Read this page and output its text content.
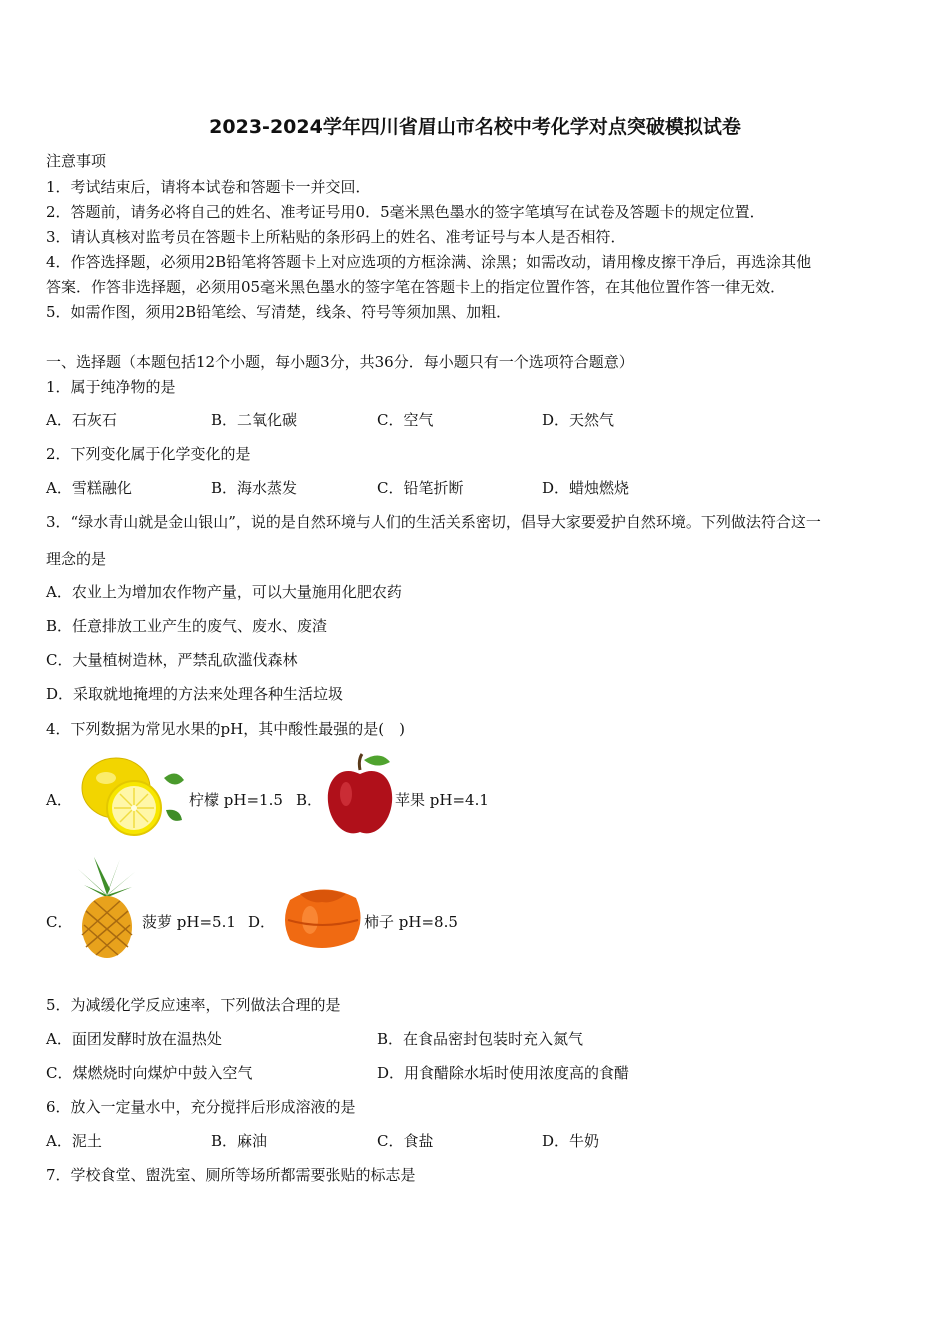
2023-2024学年四川省眉山市名校中考化学对点突破模拟试卷
注意事项
1．考试结束后，请将本试卷和答题卡一并交回．
2．答题前，请务必将自己的姓名、准考证号用0．5毫米黑色墨水的签字笔填写在试卷及答题卡的规定位置．
3．请认真核对监考员在答题卡上所粘贴的条形码上的姓名、准考证号与本人是否相符．
4．作答选择题，必须用2B铅笔将答题卡上对应选项的方框涂满、涂黑；如需改动，请用橡皮擦干净后，再选涂其他
答案．作答非选择题，必须用05毫米黑色墨水的签字笔在答题卡上的指定位置作答，在其他位置作答一律无效．
5．如需作图，须用2B铅笔绘、写清楚，线条、符号等须加黑、加粗．
一、选择题（本题包括12个小题，每小题3分，共36分．每小题只有一个选项符合题意）
1．属于纯净物的是
A．石灰石	B．二氧化碳	C．空气	D．天然气
2．下列变化属于化学变化的是
A．雪糕融化	B．海水蒸发	C．铅笔折断	D．蜡烛燃烧
3．“绿水青山就是金山银山”，说的是自然环境与人们的生活关系密切，倡导大家要爱护自然环境。下列做法符合这一
理念的是
A．农业上为增加农作物产量，可以大量施用化肥农药
B．任意排放工业产生的废气、废水、废渣
C．大量植树造林，严禁乱砍滥伐森林
D．采取就地掩埋的方法来处理各种生活垃圾
4．下列数据为常见水果的pH，其中酸性最强的是(　)
A．	柠檬 pH=1.5 B．	苹果 pH=4.1
C．	菠萝 pH=5.1 D．	柿子 pH=8.5
5．为减缓化学反应速率，下列做法合理的是
A．面团发酵时放在温热处	B．在食品密封包装时充入氮气
C．煤燃烧时向煤炉中鼓入空气	D．用食醋除水垢时使用浓度高的食醋
6．放入一定量水中，充分搅拌后形成溶液的是
A．泥土	B．麻油	C．食盐	D．牛奶
7．学校食堂、盥洗室、厕所等场所都需要张贴的标志是
